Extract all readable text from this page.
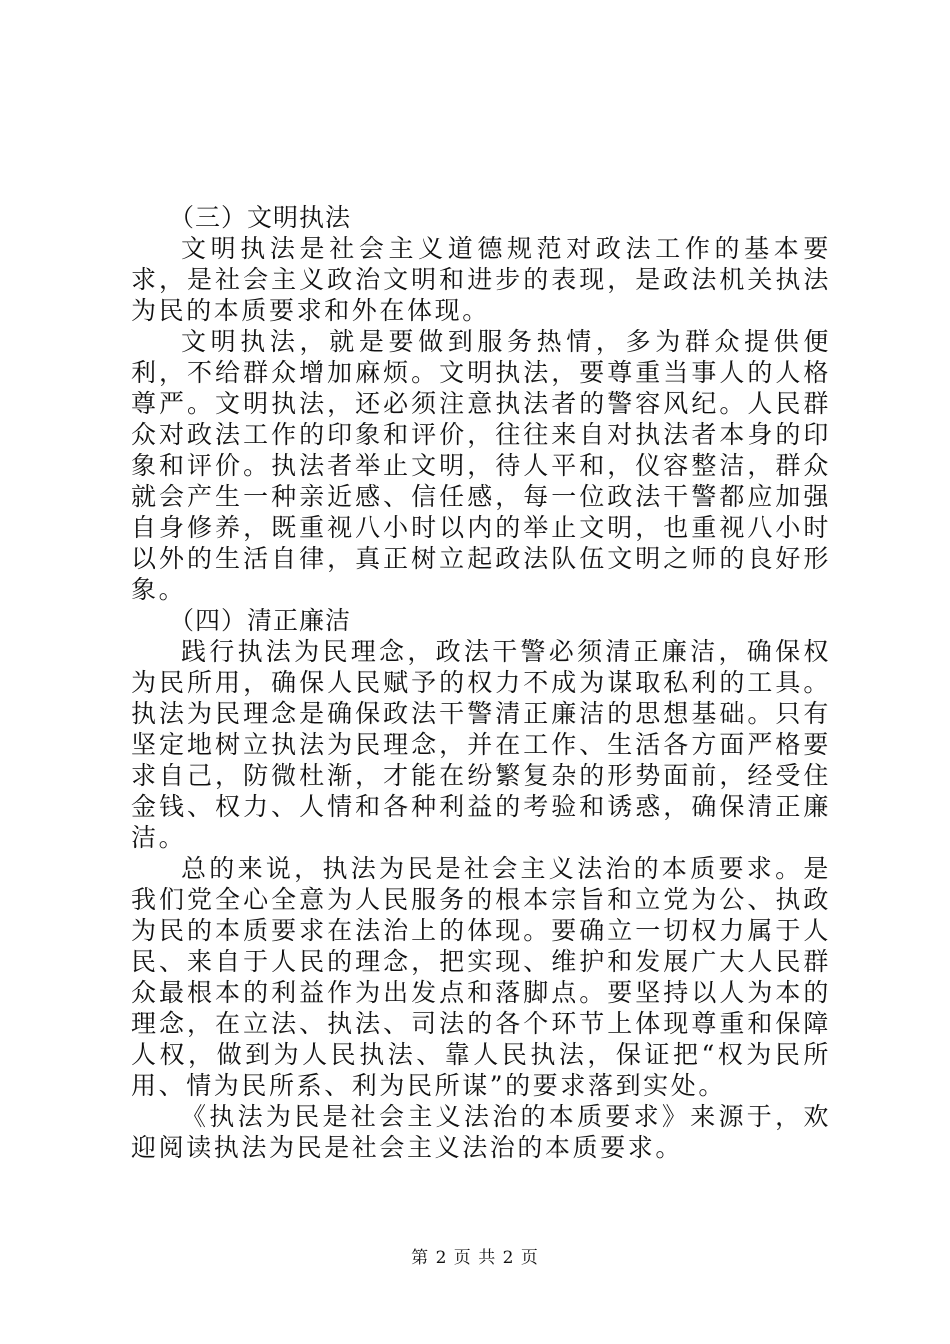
（三）文明执法

文明执法是社会主义道德规范对政法工作的基本要求，是社会主义政治文明和进步的表现，是政法机关执法为民的本质要求和外在体现。

文明执法，就是要做到服务热情，多为群众提供便利，不给群众增加麻烦。文明执法，要尊重当事人的人格尊严。文明执法，还必须注意执法者的警容风纪。人民群众对政法工作的印象和评价，往往来自对执法者本身的印象和评价。执法者举止文明，待人平和，仪容整洁，群众就会产生一种亲近感、信任感，每一位政法干警都应加强自身修养，既重视八小时以内的举止文明，也重视八小时以外的生活自律，真正树立起政法队伍文明之师的良好形象。

（四）清正廉洁

践行执法为民理念，政法干警必须清正廉洁，确保权为民所用，确保人民赋予的权力不成为谋取私利的工具。执法为民理念是确保政法干警清正廉洁的思想基础。只有坚定地树立执法为民理念，并在工作、生活各方面严格要求自己，防微杜渐，才能在纷繁复杂的形势面前，经受住金钱、权力、人情和各种利益的考验和诱惑，确保清正廉洁。

总的来说，执法为民是社会主义法治的本质要求。是我们党全心全意为人民服务的根本宗旨和立党为公、执政为民的本质要求在法治上的体现。要确立一切权力属于人民、来自于人民的理念，把实现、维护和发展广大人民群众最根本的利益作为出发点和落脚点。要坚持以人为本的理念，在立法、执法、司法的各个环节上体现尊重和保障人权，做到为人民执法、靠人民执法，保证把“权为民所用、情为民所系、利为民所谋”的要求落到实处。

《执法为民是社会主义法治的本质要求》来源于，欢迎阅读执法为民是社会主义法治的本质要求。

第 2 页 共 2 页
